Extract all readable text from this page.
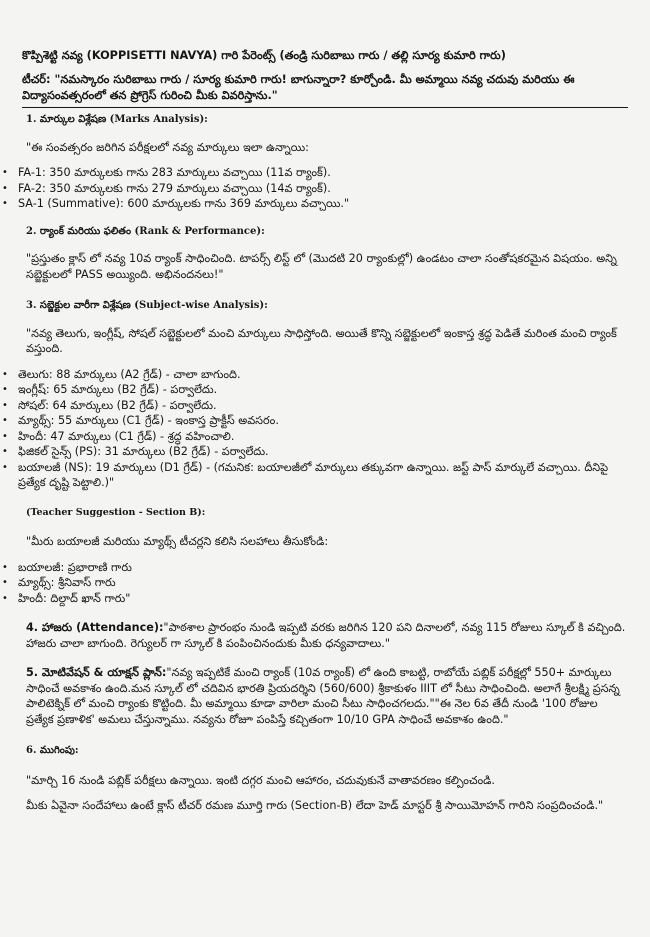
కొప్పిశెట్టి నవ్య (KOPPISETTI NAVYA) గారి పేరెంట్స్ (తండ్రి సురిబాబు గారు / తల్లి సూర్య కుమారి గారు)

టీచర్: "నమస్కారం సురిబాబు గారు / సూర్య కుమారి గారు! బాగున్నారా? కూర్చోండి. మీ అమ్మాయి నవ్య చదువు మరియు ఈ విద్యాసంవత్సరంలో తన ప్రోగ్రెస్ గురించి మీకు వివరిస్తాను."

1. మార్కుల విశ్లేషణ (Marks Analysis):

"ఈ సంవత్సరం జరిగిన పరీక్షలలో నవ్య మార్కులు ఇలా ఉన్నాయి:

• FA-1: 350 మార్కులకు గాను 283 మార్కులు వచ్చాయి (11వ ర్యాంక్).
• FA-2: 350 మార్కులకు గాను 279 మార్కులు వచ్చాయి (14వ ర్యాంక్).
• SA-1 (Summative): 600 మార్కులకు గాను 369 మార్కులు వచ్చాయి."

2. ర్యాంక్ మరియు ఫలితం (Rank & Performance):

"ప్రస్తుతం క్లాస్ లో నవ్య 10వ ర్యాంక్ సాధించింది. టాపర్స్ లిస్ట్ లో (మొదటి 20 ర్యాంకుల్లో) ఉండటం చాలా సంతోషకరమైన విషయం. అన్ని సబ్జెక్టులలో PASS అయ్యింది. అభినందనలు!"

3. సబ్జెక్టుల వారీగా విశ్లేషణ (Subject-wise Analysis):

"నవ్య తెలుగు, ఇంగ్లీష్, సోషల్ సబ్జెక్టులలో మంచి మార్కులు సాధిస్తోంది. అయితే కొన్ని సబ్జెక్టులలో ఇంకాస్త శ్రద్ధ పెడితే మరింత మంచి ర్యాంక్ వస్తుంది.

• తెలుగు: 88 మార్కులు (A2 గ్రేడ్) - చాలా బాగుంది.
• ఇంగ్లీష్: 65 మార్కులు (B2 గ్రేడ్) - పర్వాలేదు.
• సోషల్: 64 మార్కులు (B2 గ్రేడ్) - పర్వాలేదు.
• మ్యాథ్స్: 55 మార్కులు (C1 గ్రేడ్) - ఇంకాస్త ప్రాక్టీస్ అవసరం.
• హిందీ: 47 మార్కులు (C1 గ్రేడ్) - శ్రద్ధ వహించాలి.
• ఫిజికల్ సైన్స్ (PS): 31 మార్కులు (B2 గ్రేడ్) - పర్వాలేదు.
• బయాలజీ (NS): 19 మార్కులు (D1 గ్రేడ్) - (గమనిక: బయాలజీలో మార్కులు తక్కువగా ఉన్నాయి. జస్ట్ పాస్ మార్కులే వచ్చాయి. దీనిపై ప్రత్యేక దృష్టి పెట్టాలి.)"

(Teacher Suggestion - Section B):

"మీరు బయాలజీ మరియు మ్యాథ్స్ టీచర్లని కలిసి సలహాలు తీసుకోండి:

• బయాలజీ: ప్రభారాణి గారు
• మ్యాథ్స్: శ్రీనివాస్ గారు
• హిందీ: దిల్దాద్ ఖాన్ గారు"

4. హాజరు (Attendance):"పాఠశాల ప్రారంభం నుండి ఇప్పటి వరకు జరిగిన 120 పని దినాలలో, నవ్య 115 రోజులు స్కూల్ కి వచ్చింది. హాజరు చాలా బాగుంది. రెగ్యులర్ గా స్కూల్ కి పంపించినందుకు మీకు ధన్యవాదాలు."

5. మోటివేషన్ & యాక్షన్ ప్లాన్:"నవ్య ఇప్పటికే మంచి ర్యాంక్ (10వ ర్యాంక్) లో ఉంది కాబట్టి, రాబోయే పబ్లిక్ పరీక్షల్లో 550+ మార్కులు సాధించే అవకాశం ఉంది.మన స్కూల్ లో చదివిన భారతి ప్రియదర్శిని (560/600) శ్రీకాకుళం IIIT లో సీటు సాధించింది. అలాగే శ్రీలక్ష్మి ప్రసన్న పాలిటెక్నిక్ లో మంచి ర్యాంకు కొట్టింది. మీ అమ్మాయి కూడా వారిలా మంచి సీటు సాధించగలదు.""ఈ నెల 6వ తేదీ నుండి '100 రోజుల ప్రత్యేక ప్రణాళిక' అమలు చేస్తున్నాము. నవ్యను రోజూ పంపిస్తే కచ్చితంగా 10/10 GPA సాధించే అవకాశం ఉంది."

6. ముగింపు:

"మార్చి 16 నుండి పబ్లిక్ పరీక్షలు ఉన్నాయి. ఇంటి దగ్గర మంచి ఆహారం, చదువుకునే వాతావరణం కల్పించండి.

మీకు ఏవైనా సందేహాలు ఉంటే క్లాస్ టీచర్ రమణ మూర్తి గారు (Section-B) లేదా హెడ్ మాస్టర్ శ్రీ సాయిమోహన్ గారిని సంప్రదించండి."
